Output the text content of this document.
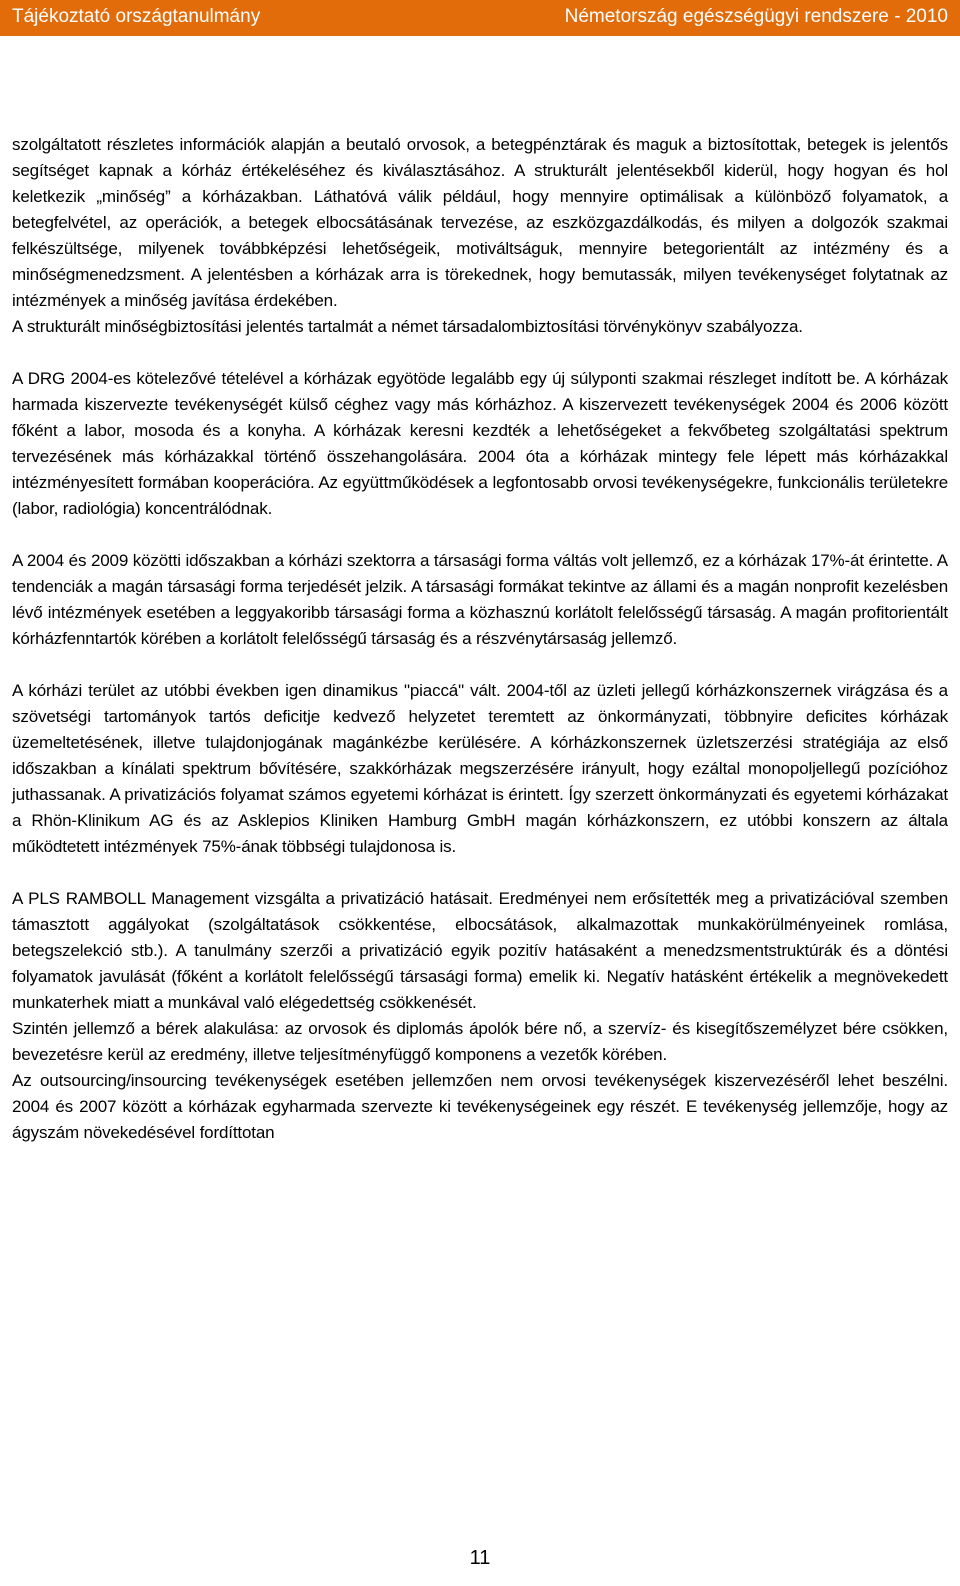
Tájékoztató országtanulmány	Németország egészségügyi rendszere - 2010

szolgáltatott részletes információk alapján a beutaló orvosok, a betegpénztárak és maguk a biztosítottak, betegek is jelentős segítséget kapnak a kórház értékeléséhez és kiválasztásához. A strukturált jelentésekből kiderül, hogy hogyan és hol keletkezik „minőség” a kórházakban. Láthatóvá válik például, hogy mennyire optimálisak a különböző folyamatok, a betegfelvétel, az operációk, a betegek elbocsátásának tervezése, az eszközgazdálkodás, és milyen a dolgozók szakmai felkészültsége, milyenek továbbképzési lehetőségeik, motiváltságuk, mennyire betegorientált az intézmény és a minőségmenedzsment. A jelentésben a kórházak arra is törekednek, hogy bemutassák, milyen tevékenységet folytatnak az intézmények a minőség javítása érdekében.

A strukturált minőségbiztosítási jelentés tartalmát a német társadalombiztosítási törvénykönyv szabályozza.

A DRG 2004-es kötelezővé tételével a kórházak egyötöde legalább egy új súlyponti szakmai részleget indított be. A kórházak harmada kiszervezte tevékenységét külső céghez vagy más kórházhoz. A kiszervezett tevékenységek 2004 és 2006 között főként a labor, mosoda és a konyha. A kórházak keresni kezdték a lehetőségeket a fekvőbeteg szolgáltatási spektrum tervezésének más kórházakkal történő összehangolására. 2004 óta a kórházak mintegy fele lépett más kórházakkal intézményesített formában kooperációra. Az együttműködések a legfontosabb orvosi tevékenységekre, funkcionális területekre (labor, radiológia) koncentrálódnak.

A 2004 és 2009 közötti időszakban a kórházi szektorra a társasági forma váltás volt jellemző, ez a kórházak 17%-át érintette. A tendenciák a magán társasági forma terjedését jelzik. A társasági formákat tekintve az állami és a magán nonprofit kezelésben lévő intézmények esetében a leggyakoribb társasági forma a közhasznú korlátolt felelősségű társaság. A magán profitorientált kórházfenntartók körében a korlátolt felelősségű társaság és a részvénytársaság jellemző.

A kórházi terület az utóbbi években igen dinamikus "piaccá" vált. 2004-től az üzleti jellegű kórházkonszernek virágzása és a szövetségi tartományok tartós deficitje kedvező helyzetet teremtett az önkormányzati, többnyire deficites kórházak üzemeltetésének, illetve tulajdonjogának magánkézbe kerülésére. A kórházkonszernek üzletszerzési stratégiája az első időszakban a kínálati spektrum bővítésére, szakkórházak megszerzésére irányult, hogy ezáltal monopoljellegű pozícióhoz juthassanak. A privatizációs folyamat számos egyetemi kórházat is érintett. Így szerzett önkormányzati és egyetemi kórházakat a Rhön-Klinikum AG és az Asklepios Kliniken Hamburg GmbH magán kórházkonszern, ez utóbbi konszern az általa működtetett intézmények 75%-ának többségi tulajdonosa is.

A PLS RAMBOLL Management vizsgálta a privatizáció hatásait. Eredményei nem erősítették meg a privatizációval szemben támasztott aggályokat (szolgáltatások csökkentése, elbocsátások, alkalmazottak munkakörülményeinek romlása, betegszelekció stb.). A tanulmány szerzői a privatizáció egyik pozitív hatásaként a menedzsmentstruktúrák és a döntési folyamatok javulását (főként a korlátolt felelősségű társasági forma) emelik ki. Negatív hatásként értékelik a megnövekedett munkaterhek miatt a munkával való elégedettség csökkenését.

Szintén jellemző a bérek alakulása: az orvosok és diplomás ápolók bére nő, a szervíz- és kisegítőszemélyzet bére csökken, bevezetésre kerül az eredmény, illetve teljesítményfüggő komponens a vezetők körében.

Az outsourcing/insourcing tevékenységek esetében jellemzően nem orvosi tevékenységek kiszervezéséről lehet beszélni. 2004 és 2007 között a kórházak egyharmada szervezte ki tevékenységeinek egy részét. E tevékenység jellemzője, hogy az ágyszám növekedésével fordíttotan

11
